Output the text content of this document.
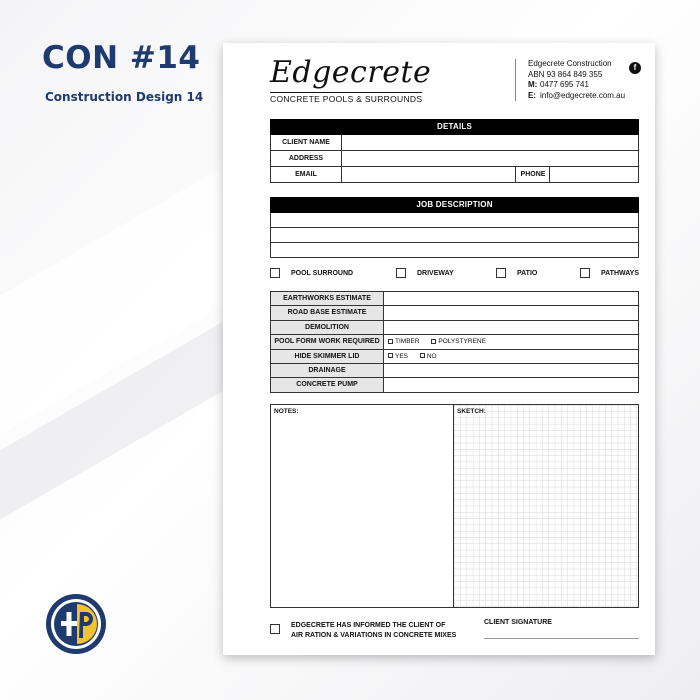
CON #14
Construction Design 14
Edgecrete
CONCRETE POOLS & SURROUNDS
Edgecrete Construction
ABN 93 864 849 355
M: 0477 695 741
E: info@edgecrete.com.au
f
DETAILS
CLIENT NAME
ADDRESS
EMAIL	PHONE
JOB DESCRIPTION
POOL SURROUND	DRIVEWAY	PATIO	PATHWAYS
EARTHWORKS ESTIMATE
ROAD BASE ESTIMATE
DEMOLITION
POOL FORM WORK REQUIRED	TIMBER	POLYSTYRENE
HIDE SKIMMER LID	YES	NO
DRAINAGE
CONCRETE PUMP
NOTES:	SKETCH:
EDGECRETE HAS INFORMED THE CLIENT OF
AIR RATION & VARIATIONS IN CONCRETE MIXES
CLIENT SIGNATURE
